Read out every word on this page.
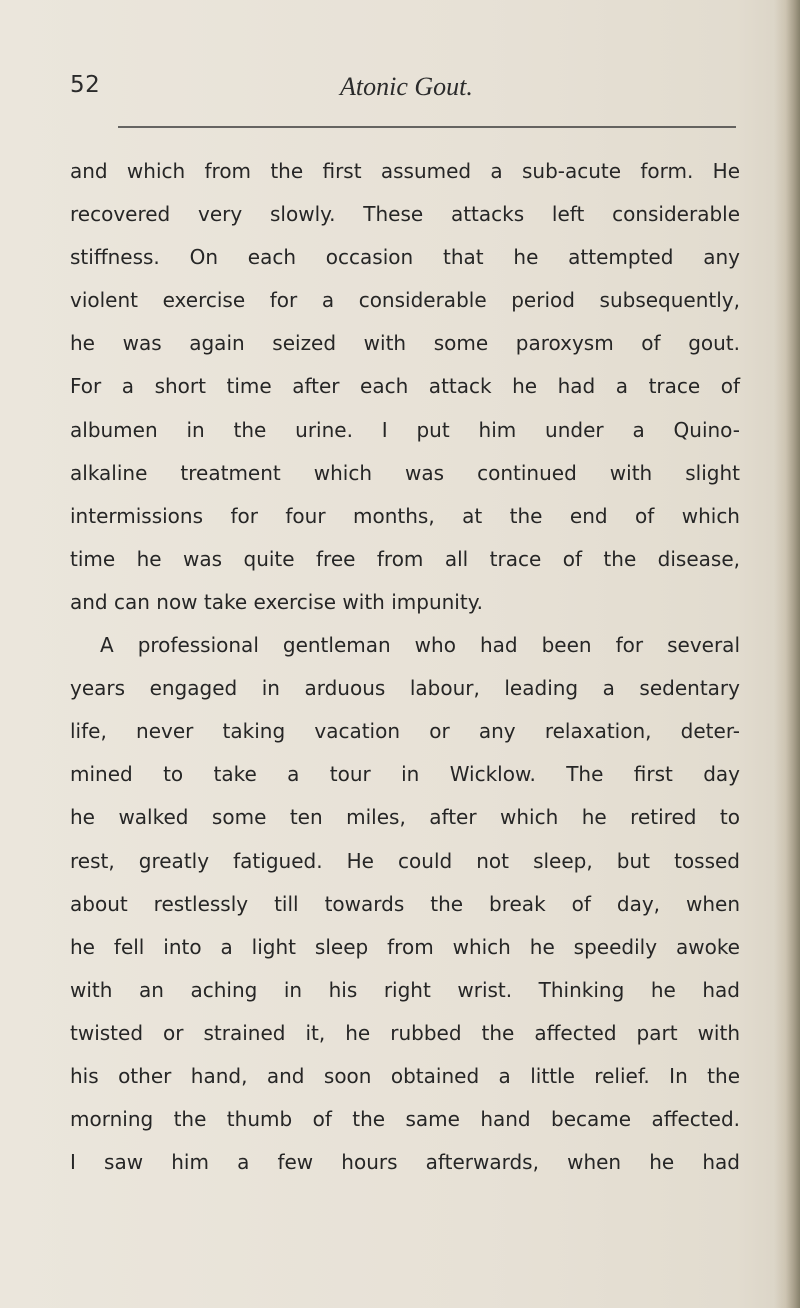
52	Atonic Gout.
and which from the first assumed a sub-acute form. He
recovered very slowly. These attacks left considerable
stiffness. On each occasion that he attempted any
violent exercise for a considerable period subsequently,
he was again seized with some paroxysm of gout.
For a short time after each attack he had a trace of
albumen in the urine. I put him under a Quino-
alkaline treatment which was continued with slight
intermissions for four months, at the end of which
time he was quite free from all trace of the disease,
and can now take exercise with impunity.
A professional gentleman who had been for several
years engaged in arduous labour, leading a sedentary
life, never taking vacation or any relaxation, deter-
mined to take a tour in Wicklow. The first day
he walked some ten miles, after which he retired to
rest, greatly fatigued. He could not sleep, but tossed
about restlessly till towards the break of day, when
he fell into a light sleep from which he speedily awoke
with an aching in his right wrist. Thinking he had
twisted or strained it, he rubbed the affected part with
his other hand, and soon obtained a little relief. In the
morning the thumb of the same hand became affected.
I saw him a few hours afterwards, when he had
